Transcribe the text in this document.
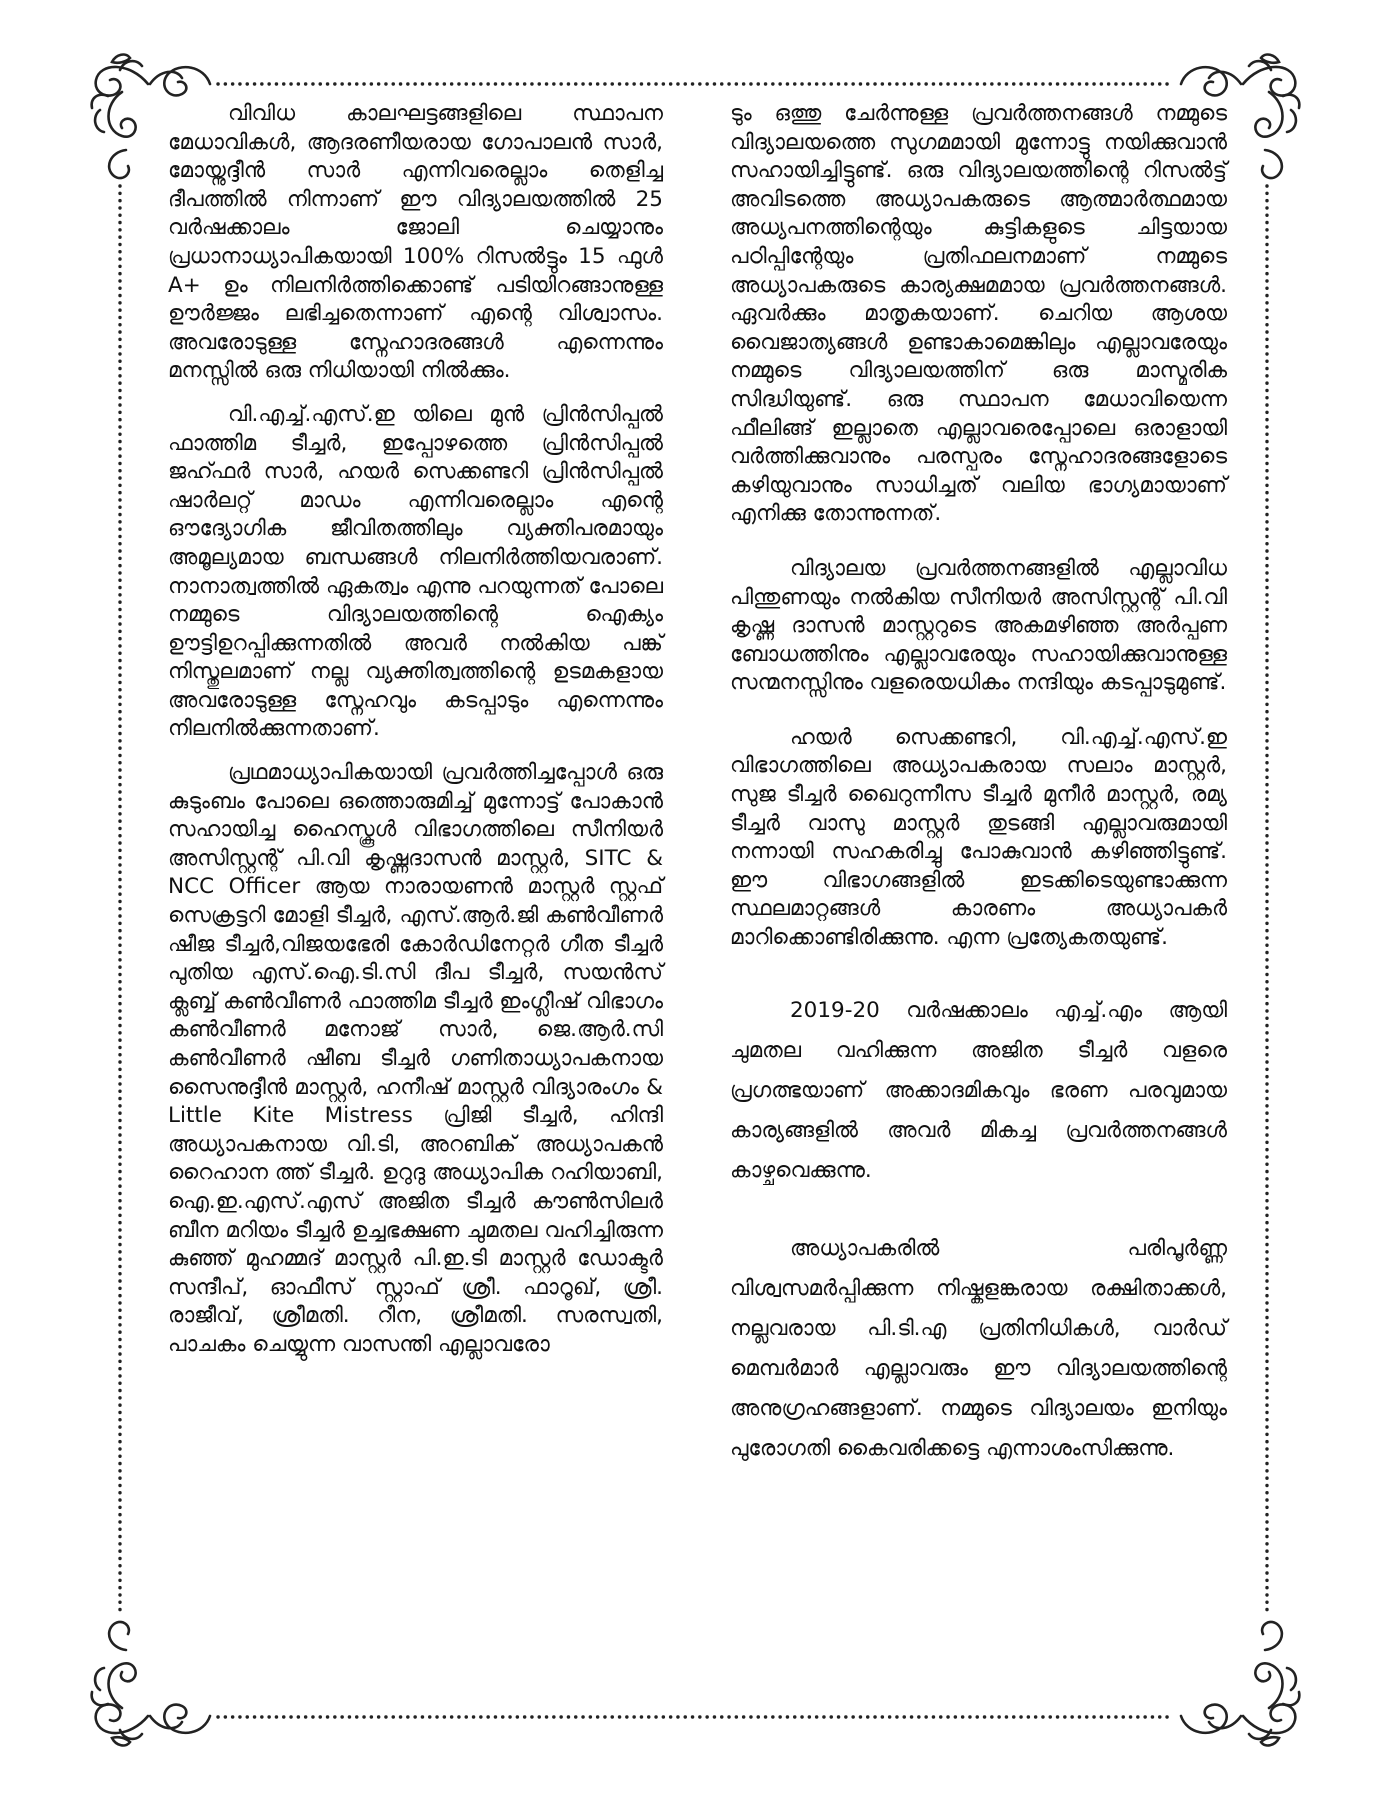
വിവിധ കാലഘട്ടങ്ങളിലെ സ്ഥാപന മേധാവികൾ, ആദരണീയരായ ഗോപാലൻ സാർ, മോയ്നുദ്ദീൻ സാർ എന്നിവരെല്ലാം തെളിച്ച ദീപത്തിൽ നിന്നാണ് ഈ വിദ്യാലയത്തിൽ 25 വർഷക്കാലം ജോലി ചെയ്യാനും പ്രധാനാധ്യാപികയായി 100% റിസൽട്ടും 15 ഫുൾ A+ ഉം നിലനിർത്തിക്കൊണ്ട് പടിയിറങ്ങാനുള്ള ഊർജ്ജം ലഭിച്ചതെന്നാണ് എന്റെ വിശ്വാസം. അവരോടുള്ള സ്നേഹാദരങ്ങൾ എന്നെന്നും മനസ്സിൽ ഒരു നിധിയായി നിൽക്കും.

വി.എച്ച്.എസ്.ഇ യിലെ മുൻ പ്രിൻസിപ്പൽ ഫാത്തിമ ടീച്ചർ, ഇപ്പോഴത്തെ പ്രിൻസിപ്പൽ ജഹ്ഫർ സാർ, ഹയർ സെക്കണ്ടറി പ്രിൻസിപ്പൽ ഷാർലറ്റ് മാഡം എന്നിവരെല്ലാം എന്റെ ഔദ്യോഗിക ജീവിതത്തിലും വ്യക്തിപരമായും അമൂല്യമായ ബന്ധങ്ങൾ നിലനിർത്തിയവരാണ്. നാനാത്വത്തിൽ ഏകത്വം എന്നു പറയുന്നത് പോലെ നമ്മുടെ വിദ്യാലയത്തിന്റെ ഐക്യം ഊട്ടിഉറപ്പിക്കുന്നതിൽ അവർ നൽകിയ പങ്ക് നിസ്തുലമാണ് നല്ല വ്യക്തിത്വത്തിന്റെ ഉടമകളായ അവരോടുള്ള സ്നേഹവും കടപ്പാടും എന്നെന്നും നിലനിൽക്കുന്നതാണ്.

പ്രഥമാധ്യാപികയായി പ്രവർത്തിച്ചപ്പോൾ ഒരു കുടുംബം പോലെ ഒത്തൊരുമിച്ച് മുന്നോട്ട് പോകാൻ സഹായിച്ച ഹൈസ്കൂൾ വിഭാഗത്തിലെ സീനിയർ അസിസ്റ്റന്റ് പി.വി കൃഷ്ണദാസൻ മാസ്റ്റർ, SITC & NCC Officer ആയ നാരായണൻ മാസ്റ്റർ സ്റ്റഫ് സെക്രട്ടറി മോളി ടീച്ചർ, എസ്.ആർ.ജി കൺവീണർ ഷീജ ടീച്ചർ,വിജയഭേരി കോർഡിനേറ്റർ ഗീത ടീച്ചർ പുതിയ എസ്.ഐ.ടി.സി ദീപ ടീച്ചർ, സയൻസ് ക്ലബ്ബ് കൺവീണർ ഫാത്തിമ ടീച്ചർ ഇംഗ്ലീഷ് വിഭാഗം കൺവീണർ മനോജ് സാർ, ജെ.ആർ.സി കൺവീണർ ഷീബ ടീച്ചർ ഗണിതാധ്യാപകനായ സൈനുദ്ദീൻ മാസ്റ്റർ, ഹനീഷ് മാസ്റ്റർ വിദ്യാരംഗം & Little Kite Mistress പ്രിജി ടീച്ചർ, ഹിന്ദി അധ്യാപകനായ വി.ടി, അറബിക് അധ്യാപകൻ റൈഹാന ത്ത് ടീച്ചർ. ഉറുദു അധ്യാപിക റഹിയാബി, ഐ.ഇ.എസ്.എസ് അജിത ടീച്ചർ കൗൺസിലർ ബീന മറിയം ടീച്ചർ ഉച്ചഭക്ഷണ ചുമതല വഹിച്ചിരുന്ന കുഞ്ഞ് മുഹമ്മദ് മാസ്റ്റർ പി.ഇ.ടി മാസ്റ്റർ ഡോക്ടർ സന്ദീപ്, ഓഫീസ് സ്റ്റാഫ് ശ്രീ. ഫാറൂഖ്, ശ്രീ. രാജീവ്, ശ്രീമതി. റീന, ശ്രീമതി. സരസ്വതി, പാചകം ചെയ്യുന്ന വാസന്തി എല്ലാവരോ

ടും ഒത്തു ചേർന്നുള്ള പ്രവർത്തനങ്ങൾ നമ്മുടെ വിദ്യാലയത്തെ സുഗമമായി മുന്നോട്ടു നയിക്കുവാൻ സഹായിച്ചിട്ടുണ്ട്. ഒരു വിദ്യാലയത്തിന്റെ റിസൽട്ട് അവിടത്തെ അധ്യാപകരുടെ ആത്മാർത്ഥമായ അധ്യപനത്തിന്റെയും കുട്ടികളുടെ ചിട്ടയായ പഠിപ്പിന്റേയും പ്രതിഫലനമാണ് നമ്മുടെ അധ്യാപകരുടെ കാര്യക്ഷമമായ പ്രവർത്തനങ്ങൾ. ഏവർക്കും മാതൃകയാണ്. ചെറിയ ആശയ വൈജാത്യങ്ങൾ ഉണ്ടാകാമെങ്കിലും എല്ലാവരേയും നമ്മുടെ വിദ്യാലയത്തിന് ഒരു മാസ്മരിക സിദ്ധിയുണ്ട്. ഒരു സ്ഥാപന മേധാവിയെന്ന ഫീലിങ്ങ് ഇല്ലാതെ എല്ലാവരെപ്പോലെ ഒരാളായി വർത്തിക്കുവാനും പരസ്പരം സ്നേഹാദരങ്ങളോടെ കഴിയുവാനും സാധിച്ചത് വലിയ ഭാഗ്യമായാണ് എനിക്കു തോന്നുന്നത്.

വിദ്യാലയ പ്രവർത്തനങ്ങളിൽ എല്ലാവിധ പിന്തുണയും നൽകിയ സീനിയർ അസിസ്റ്റന്റ് പി.വി കൃഷ്ണ ദാസൻ മാസ്റ്ററുടെ അകമഴിഞ്ഞ അർപ്പണ ബോധത്തിനും എല്ലാവരേയും സഹായിക്കുവാനുള്ള സന്മനസ്സിനും വളരെയധികം നന്ദിയും കടപ്പാടുമുണ്ട്.

ഹയർ സെക്കണ്ടറി, വി.എച്ച്.എസ്.ഇ വിഭാഗത്തിലെ അധ്യാപകരായ സലാം മാസ്റ്റർ, സുജ ടീച്ചർ ഖൈറുന്നീസ ടീച്ചർ മുനീർ മാസ്റ്റർ, രമ്യ ടീച്ചർ വാസു മാസ്റ്റർ തുടങ്ങി എല്ലാവരുമായി നന്നായി സഹകരിച്ചു പോകുവാൻ കഴിഞ്ഞിട്ടുണ്ട്. ഈ വിഭാഗങ്ങളിൽ ഇടക്കിടെയുണ്ടാക്കുന്ന സ്ഥലമാറ്റങ്ങൾ കാരണം അധ്യാപകർ മാറിക്കൊണ്ടിരിക്കുന്നു. എന്ന പ്രത്യേകതയുണ്ട്.

2019-20 വർഷക്കാലം എച്ച്.എം ആയി ചുമതല വഹിക്കുന്ന അജിത ടീച്ചർ വളരെ പ്രഗത്ഭയാണ് അക്കാദമികവും ഭരണ പരവുമായ കാര്യങ്ങളിൽ അവർ മികച്ച പ്രവർത്തനങ്ങൾ കാഴ്ചവെക്കുന്നു.

അധ്യാപകരിൽ പരിപൂർണ്ണ വിശ്വസമർപ്പിക്കുന്ന നിഷ്കളങ്കരായ രക്ഷിതാക്കൾ, നല്ലവരായ പി.ടി.എ പ്രതിനിധികൾ, വാർഡ് മെമ്പർമാർ എല്ലാവരും ഈ വിദ്യാലയത്തിന്റെ അനുഗ്രഹങ്ങളാണ്. നമ്മുടെ വിദ്യാലയം ഇനിയും പുരോഗതി കൈവരിക്കട്ടെ എന്നാശംസിക്കുന്നു.
